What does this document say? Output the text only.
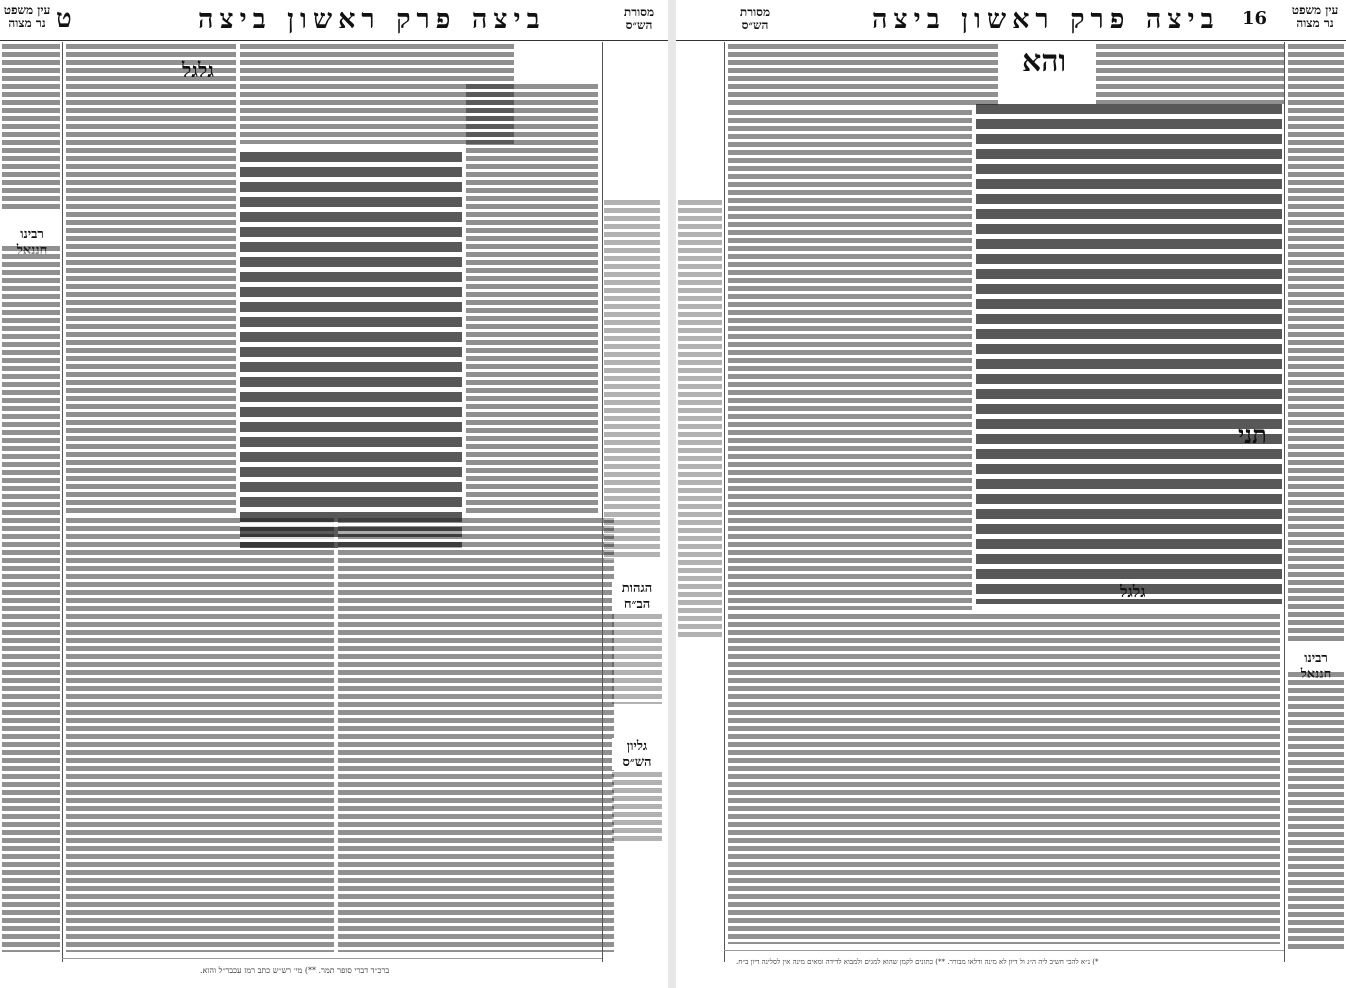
עין משפט נר מצוה ט	ביצה פרק ראשון ביצה	מסורת הש״ס
רבינו
גלגל
הגהות הב״ח
גליון הש״ס
ברכ״ד דברי סופר תמר. **) מי׳ רש״ש כתב רמז עכבר״ל והוא.
מסורת הש״ס	ביצה פרק ראשון ביצה 16	עין משפט נר מצוה
והא
תני
גלגל
רבינו
*) נ״א להכי חשיב ליה ה״ג ול דיון לא מינה ודלאו מבורר. **) כתונים לקמן שהוא למגים ולמבוא לדידה ומאים מינה אין לסלינה דיון ב״ח.
